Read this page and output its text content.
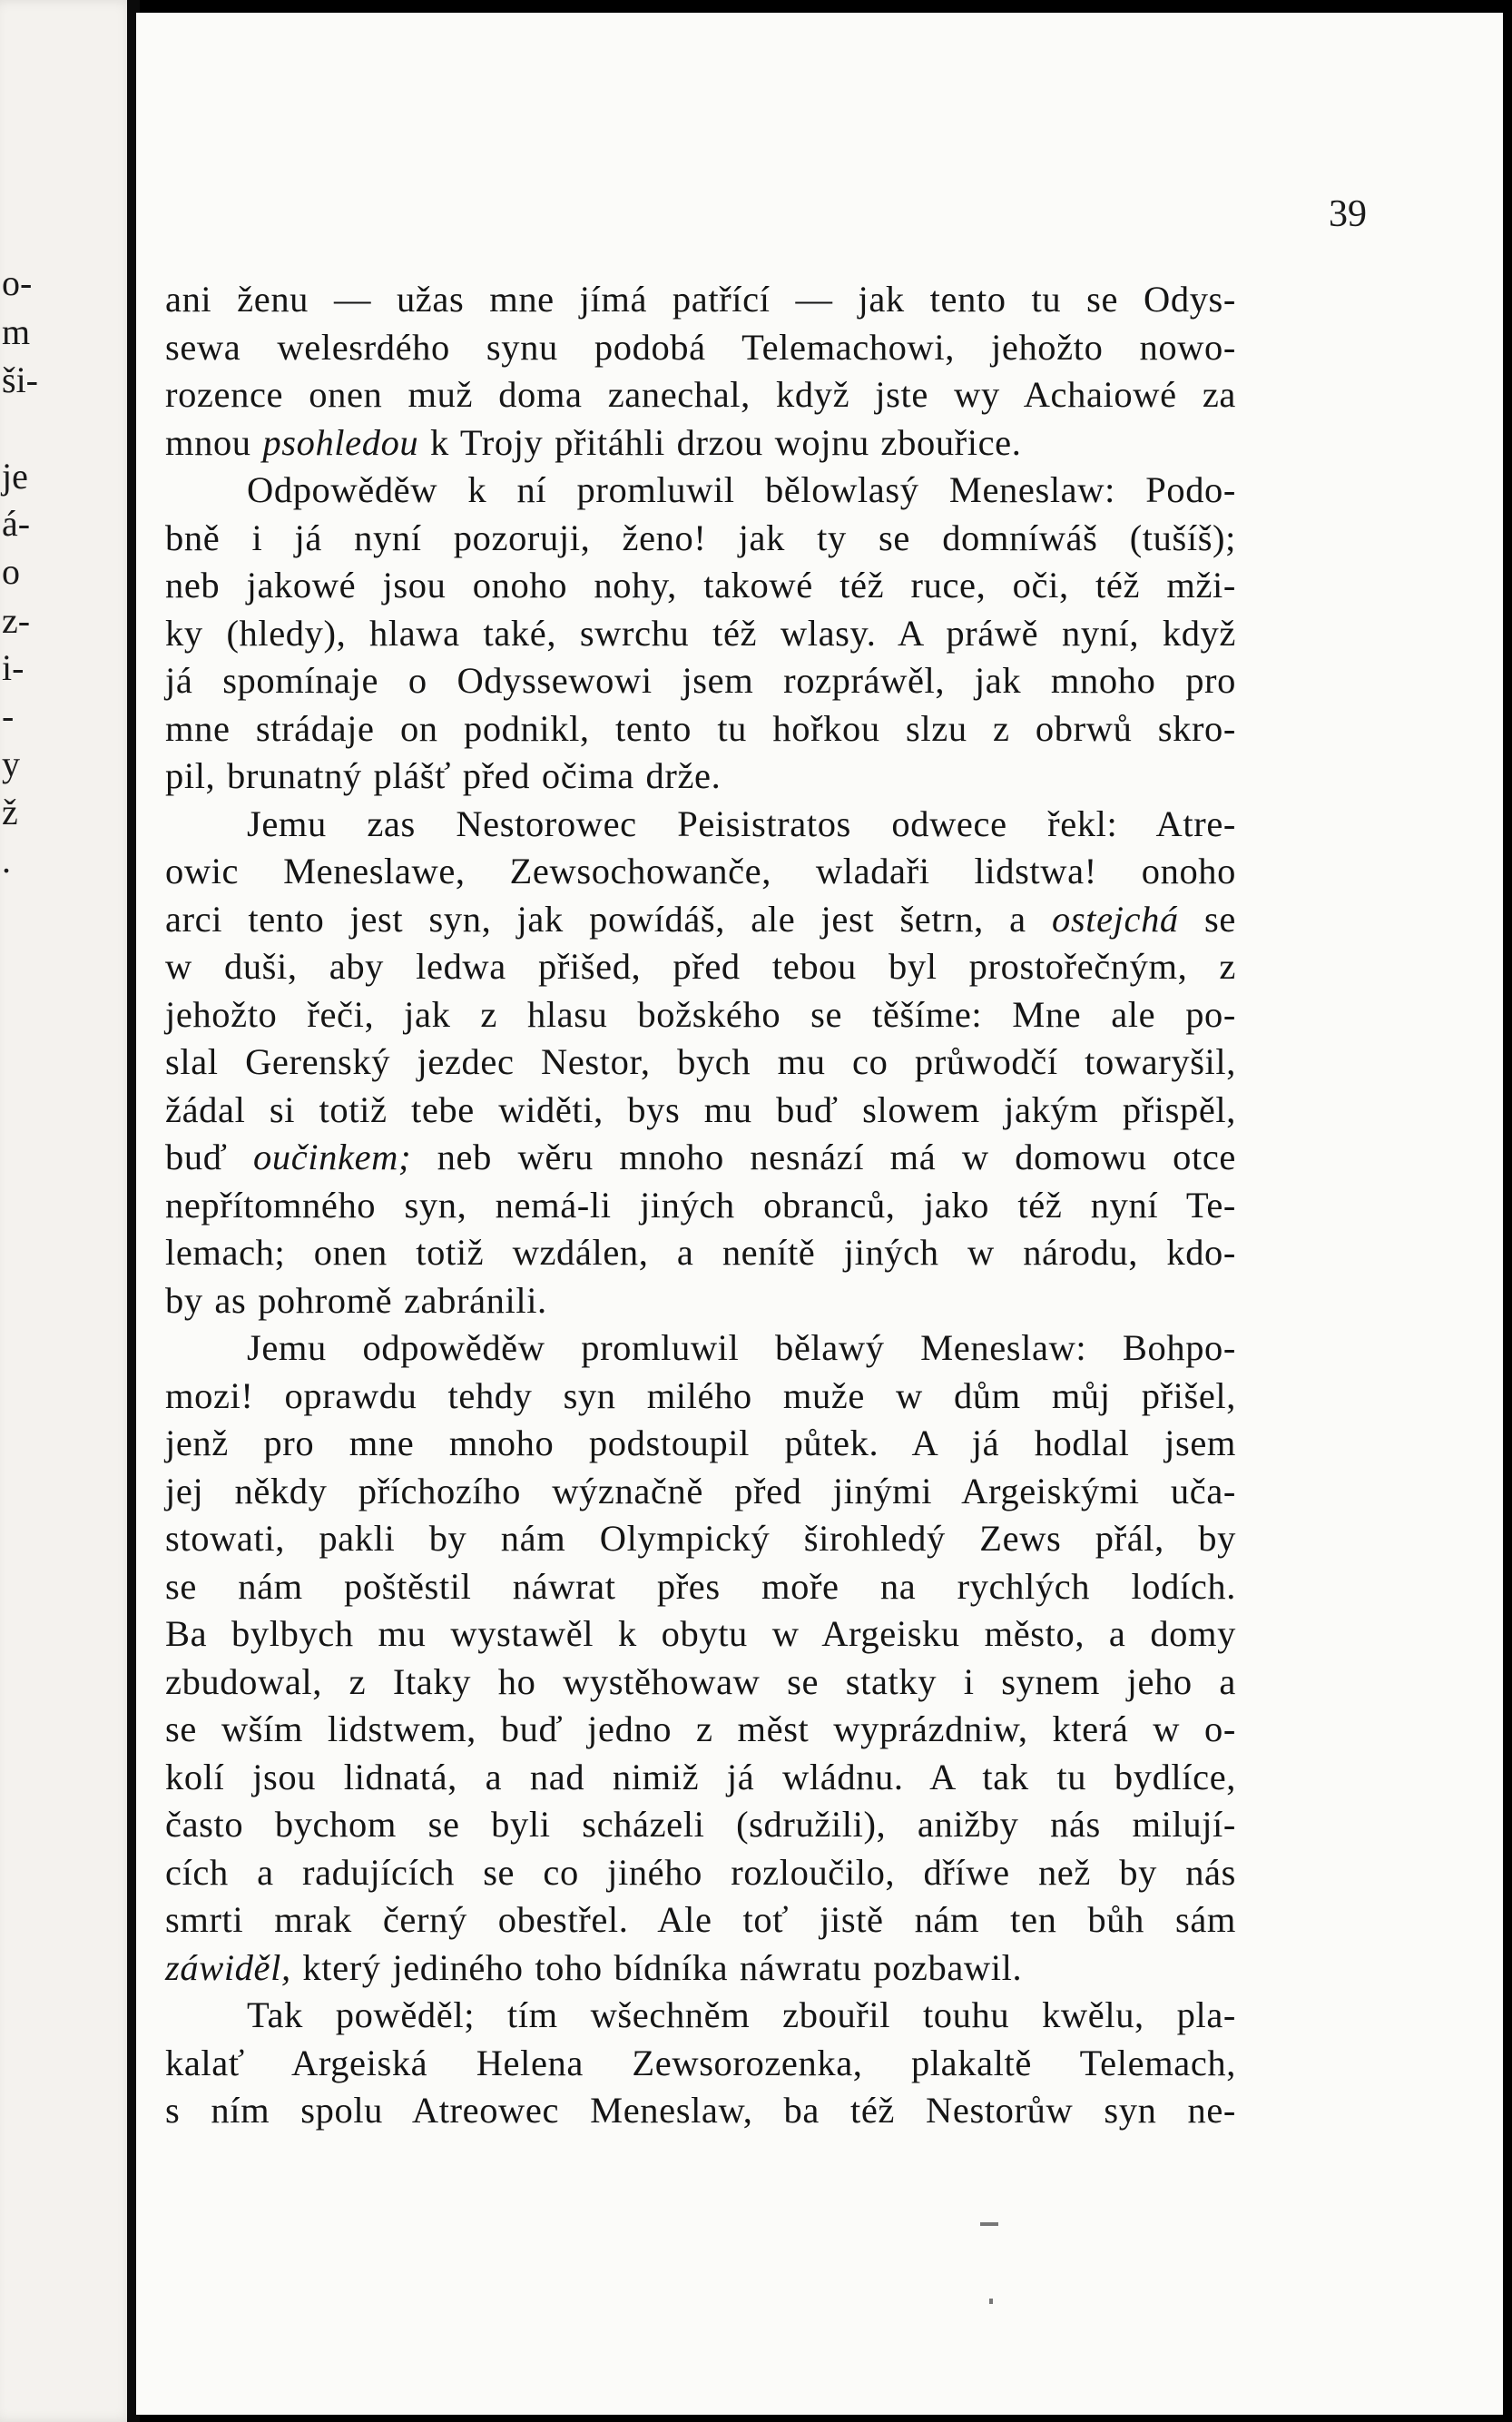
o-
m
ši-
je
á-
o
z-
i-
-
y
ž
.
39
ani ženu — užas mne jímá patřící — jak tento tu se Odys-
sewa welesrdého synu podobá Telemachowi, jehožto nowo-
rozence onen muž doma zanechal, když jste wy Achaiowé za
mnou psohledou k Trojy přitáhli drzou wojnu zbouřice.
Odpowěděw k ní promluwil bělowlasý Meneslaw: Podo-
bně i já nyní pozoruji, ženo! jak ty se domníwáš (tušíš);
neb jakowé jsou onoho nohy, takowé též ruce, oči, též mži-
ky (hledy), hlawa také, swrchu též wlasy. A práwě nyní, když
já spomínaje o Odyssewowi jsem rozpráwěl, jak mnoho pro
mne strádaje on podnikl, tento tu hořkou slzu z obrwů skro-
pil, brunatný plášť před očima drže.
Jemu zas Nestorowec Peisistratos odwece řekl: Atre-
owic Meneslawe, Zewsochowanče, wladaři lidstwa! onoho
arci tento jest syn, jak powídáš, ale jest šetrn, a ostejchá se
w duši, aby ledwa přišed, před tebou byl prostořečným, z
jehožto řeči, jak z hlasu božského se těšíme: Mne ale po-
slal Gerenský jezdec Nestor, bych mu co průwodčí towaryšil,
žádal si totiž tebe widěti, bys mu buď slowem jakým přispěl,
buď oučinkem; neb wěru mnoho nesnází má w domowu otce
nepřítomného syn, nemá-li jiných obranců, jako též nyní Te-
lemach; onen totiž wzdálen, a nenítě jiných w národu, kdo-
by as pohromě zabránili.
Jemu odpowěděw promluwil bělawý Meneslaw: Bohpo-
mozi! oprawdu tehdy syn milého muže w dům můj přišel,
jenž pro mne mnoho podstoupil půtek. A já hodlal jsem
jej někdy příchozího wýznačně před jinými Argeiskými uča-
stowati, pakli by nám Olympický širohledý Zews přál, by
se nám poštěstil náwrat přes moře na rychlých lodích.
Ba bylbych mu wystawěl k obytu w Argeisku město, a domy
zbudowal, z Itaky ho wystěhowaw se statky i synem jeho a
se wším lidstwem, buď jedno z měst wyprázdniw, která w o-
kolí jsou lidnatá, a nad nimiž já wládnu. A tak tu bydlíce,
často bychom se byli scházeli (sdružili), anižby nás milují-
cích a radujících se co jiného rozloučilo, dříwe než by nás
smrti mrak černý obestřel. Ale toť jistě nám ten bůh sám
záwiděl, který jediného toho bídníka náwratu pozbawil.
Tak powěděl; tím wšechněm zbouřil touhu kwělu, pla-
kalať Argeiská Helena Zewsorozenka, plakaltě Telemach,
s ním spolu Atreowec Meneslaw, ba též Nestorůw syn ne-
